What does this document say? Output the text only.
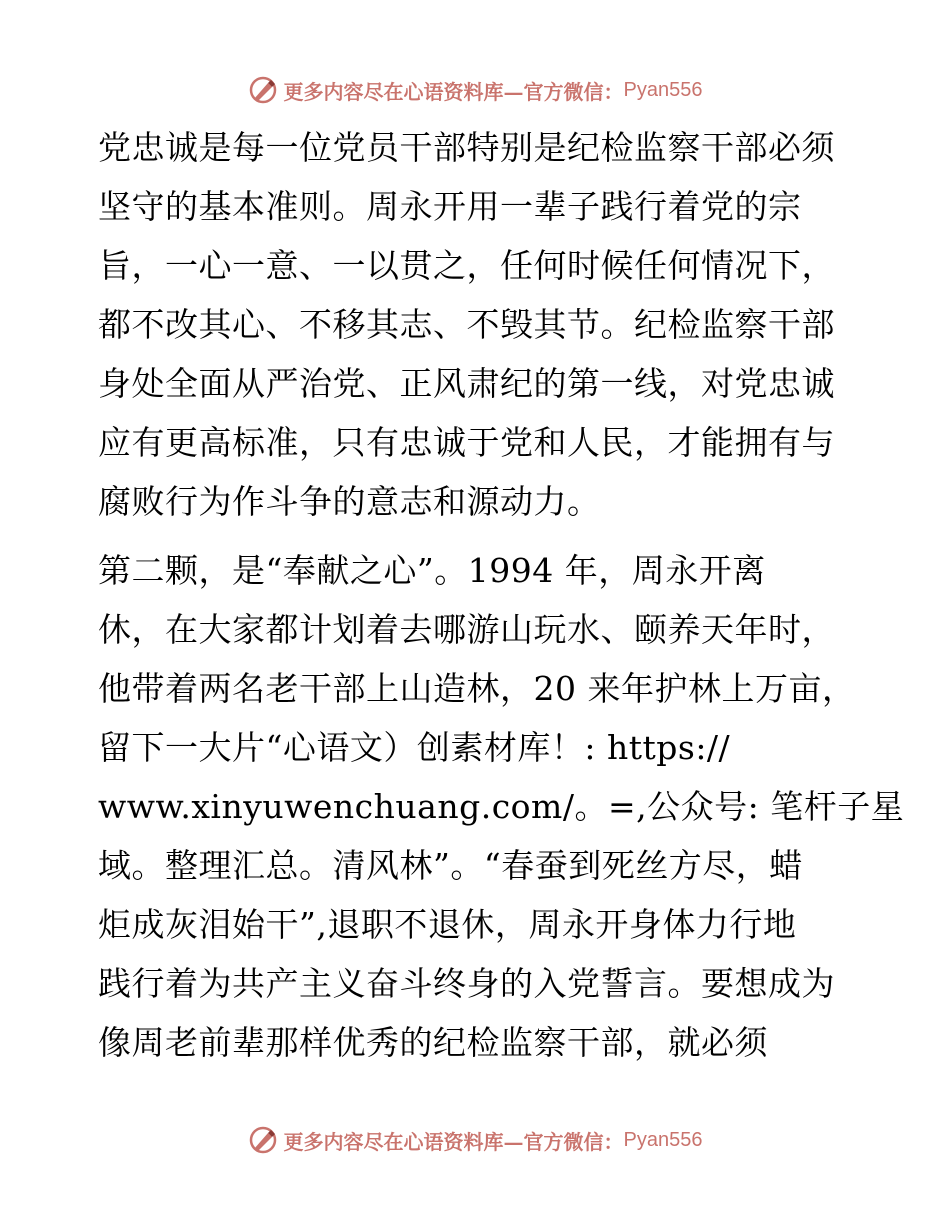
更多内容尽在心语资料库—官方微信： Pyan556
党忠诚是每一位党员干部特别是纪检监察干部必须
坚守的基本准则。周永开用一辈子践行着党的宗
旨，一心一意、一以贯之，任何时候任何情况下，
都不改其心、不移其志、不毁其节。纪检监察干部
身处全面从严治党、正风肃纪的第一线，对党忠诚
应有更高标准，只有忠诚于党和人民，才能拥有与
腐败行为作斗争的意志和源动力。
第二颗，是“奉献之心”。1994 年，周永开离
休，在大家都计划着去哪游山玩水、颐养天年时，
他带着两名老干部上山造林，20 来年护林上万亩，
留下一大片“心语文）创素材库！: https://
www.xinyuwenchuang.com/。=,公众号: 笔杆子星
域。整理汇总。清风林”。“春蚕到死丝方尽，蜡
炬成灰泪始干”,退职不退休，周永开身体力行地
践行着为共产主义奋斗终身的入党誓言。要想成为
像周老前辈那样优秀的纪检监察干部，就必须
更多内容尽在心语资料库—官方微信： Pyan556
